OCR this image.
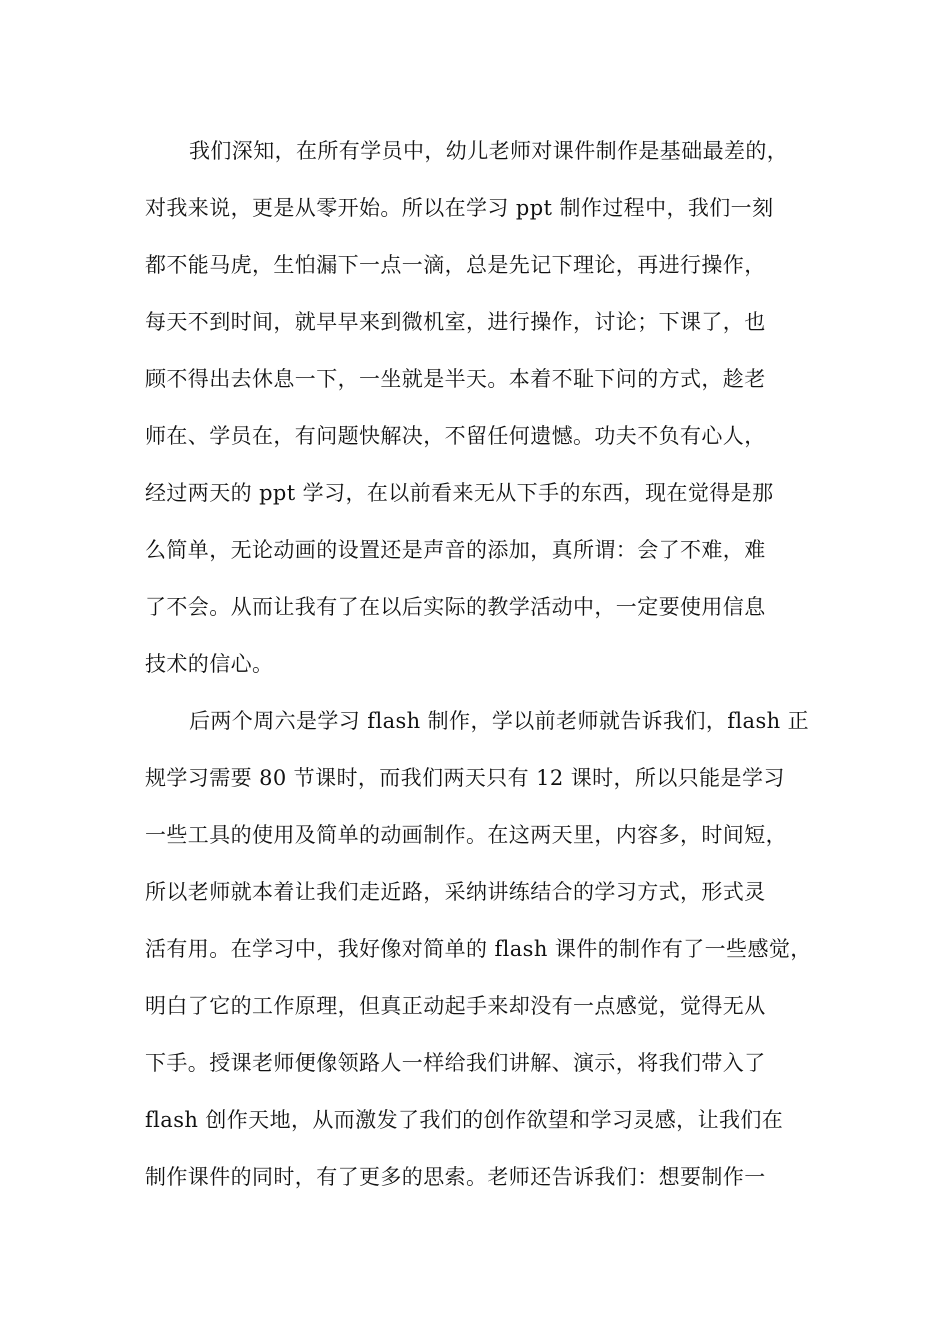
我们深知，在所有学员中，幼儿老师对课件制作是基础最差的，
对我来说，更是从零开始。所以在学习 ppt 制作过程中，我们一刻
都不能马虎，生怕漏下一点一滴，总是先记下理论，再进行操作，
每天不到时间，就早早来到微机室，进行操作，讨论；下课了，也
顾不得出去休息一下，一坐就是半天。本着不耻下问的方式，趁老
师在、学员在，有问题快解决，不留任何遗憾。功夫不负有心人，
经过两天的 ppt 学习，在以前看来无从下手的东西，现在觉得是那
么简单，无论动画的设置还是声音的添加，真所谓：会了不难，难
了不会。从而让我有了在以后实际的教学活动中，一定要使用信息
技术的信心。
后两个周六是学习 flash 制作，学以前老师就告诉我们，flash 正
规学习需要 80 节课时，而我们两天只有 12 课时，所以只能是学习
一些工具的使用及简单的动画制作。在这两天里，内容多，时间短，
所以老师就本着让我们走近路，采纳讲练结合的学习方式，形式灵
活有用。在学习中，我好像对简单的 flash 课件的制作有了一些感觉，
明白了它的工作原理，但真正动起手来却没有一点感觉，觉得无从
下手。授课老师便像领路人一样给我们讲解、演示，将我们带入了
flash 创作天地，从而激发了我们的创作欲望和学习灵感，让我们在
制作课件的同时，有了更多的思索。老师还告诉我们：想要制作一
